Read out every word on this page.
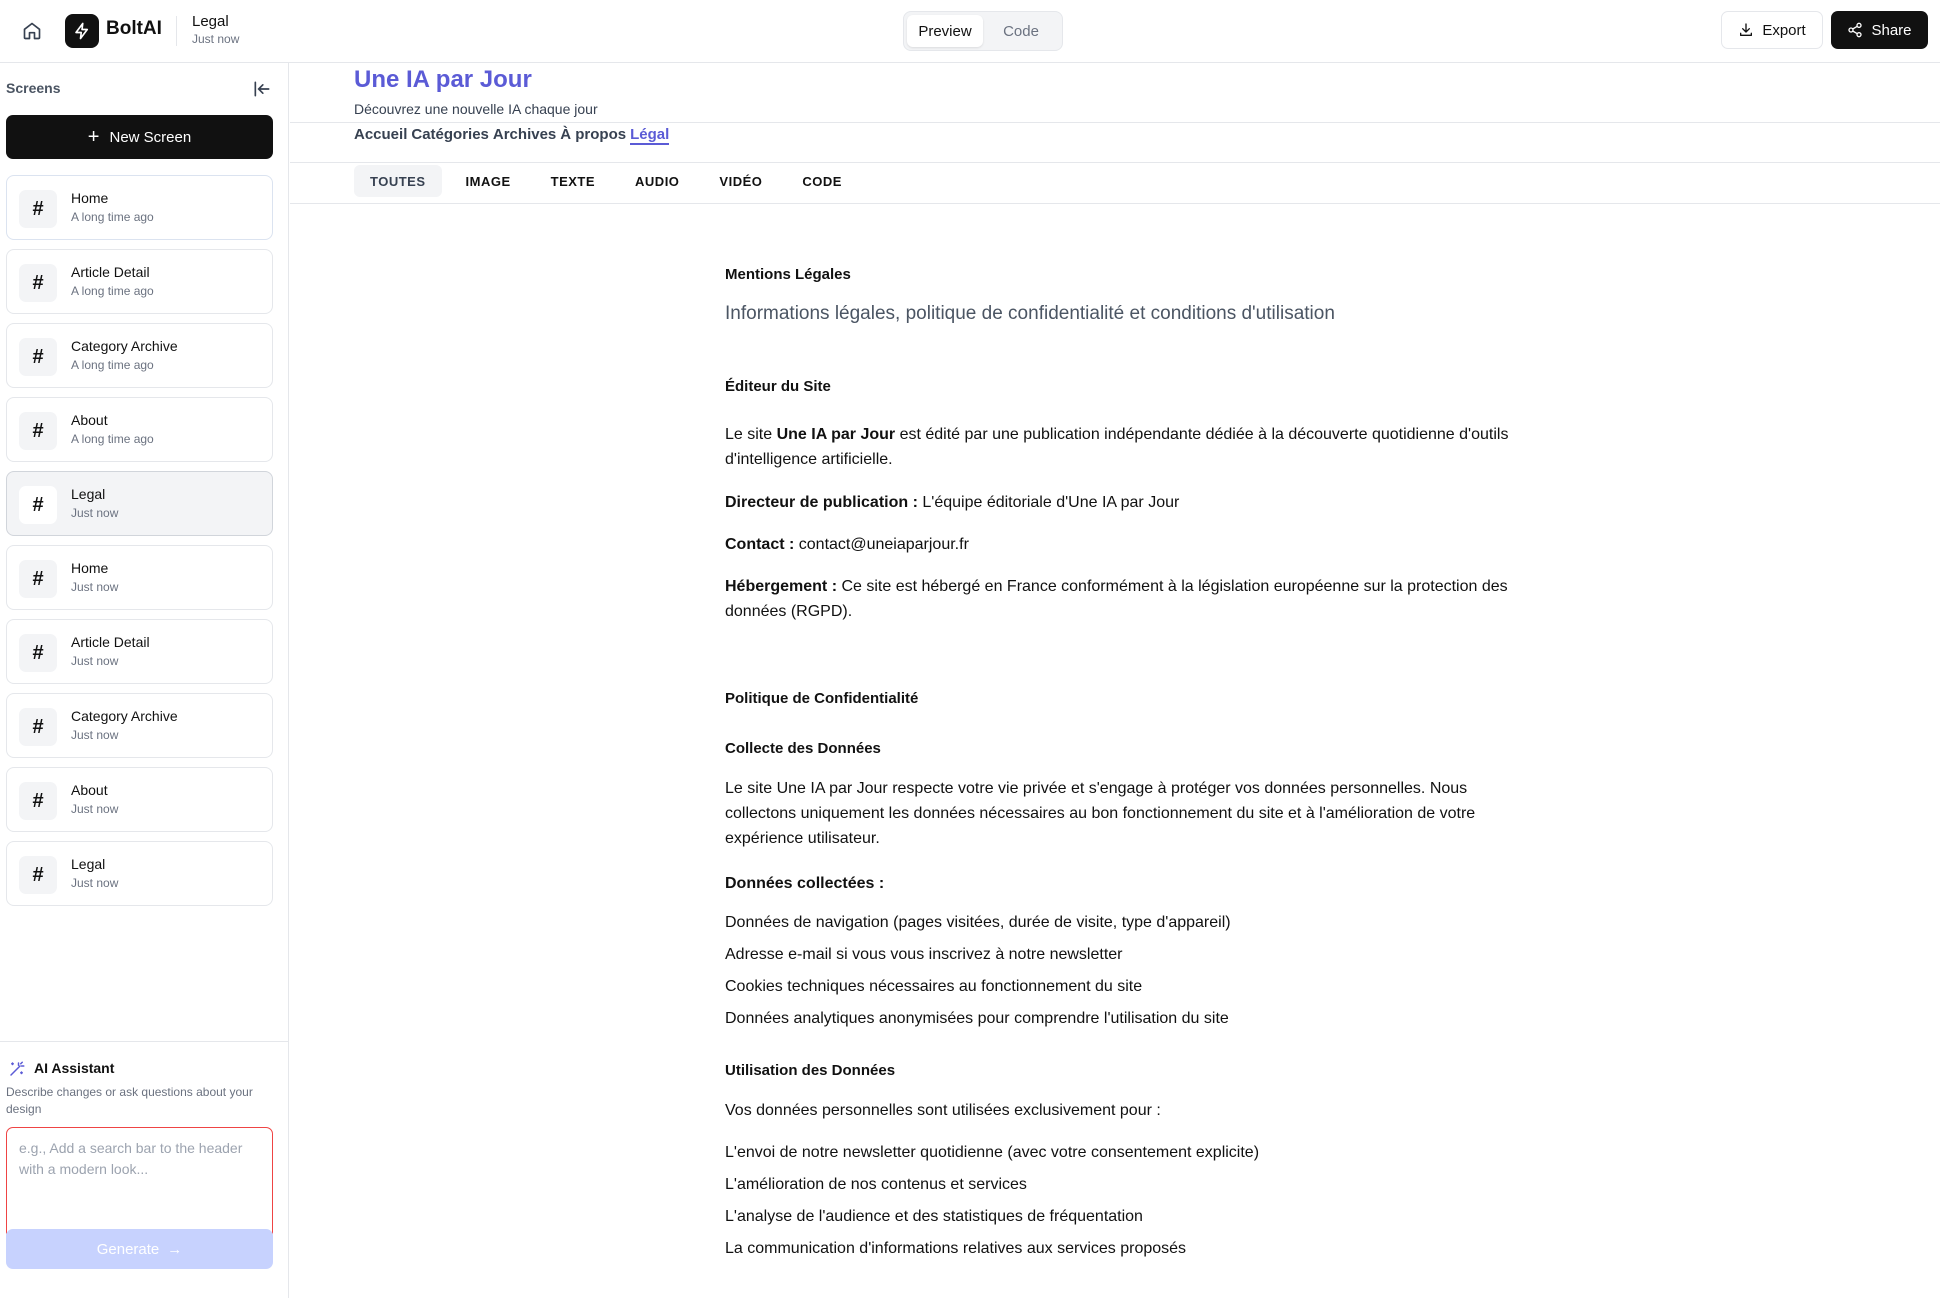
BoltAI Legal
Just now	Preview	Code	Export	Share
Screens
+ New Screen
#	Home
A long time ago
#	Article Detail
A long time ago
#	Category Archive
A long time ago
#	About
A long time ago
#	Legal
Just now
#	Home
Just now
#	Article Detail
Just now
#	Category Archive
Just now
#	About
Just now
#	Legal
Just now
AI Assistant
Describe changes or ask questions about your design
e.g., Add a search bar to the header with a modern look...
Generate →
Une IA par Jour
Découvrez une nouvelle IA chaque jour
Accueil Catégories Archives À propos Légal
TOUTES	IMAGE	TEXTE	AUDIO	VIDÉO	CODE
Mentions Légales
Informations légales, politique de confidentialité et conditions d'utilisation
Éditeur du Site
Le site Une IA par Jour est édité par une publication indépendante dédiée à la découverte quotidienne d'outils d'intelligence artificielle.
Directeur de publication : L'équipe éditoriale d'Une IA par Jour
Contact : contact@uneiaparjour.fr
Hébergement : Ce site est hébergé en France conformément à la législation européenne sur la protection des données (RGPD).
Politique de Confidentialité
Collecte des Données
Le site Une IA par Jour respecte votre vie privée et s'engage à protéger vos données personnelles. Nous collectons uniquement les données nécessaires au bon fonctionnement du site et à l'amélioration de votre expérience utilisateur.
Données collectées :
Données de navigation (pages visitées, durée de visite, type d'appareil)
Adresse e-mail si vous vous inscrivez à notre newsletter
Cookies techniques nécessaires au fonctionnement du site
Données analytiques anonymisées pour comprendre l'utilisation du site
Utilisation des Données
Vos données personnelles sont utilisées exclusivement pour :
L'envoi de notre newsletter quotidienne (avec votre consentement explicite)
L'amélioration de nos contenus et services
L'analyse de l'audience et des statistiques de fréquentation
La communication d'informations relatives aux services proposés
